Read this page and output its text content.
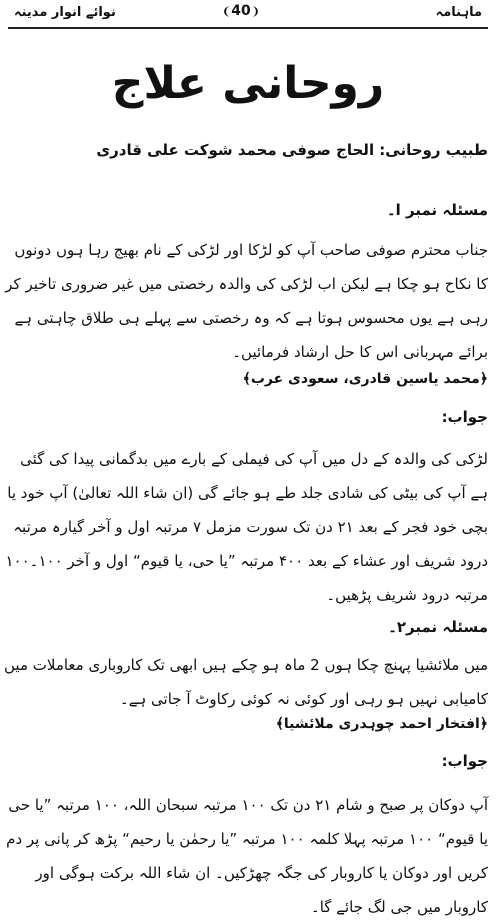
ماہنامہ
❨40❩
نوائے انوار مدینہ
روحانی علاج
طبیب روحانی: الحاج صوفی محمد شوکت علی قادری
مسئلہ نمبر ا۔
جناب محترم صوفی صاحب آپ کو لڑکا اور لڑکی کے نام بھیج رہا ہوں دونوں کا نکاح ہو چکا ہے لیکن اب لڑکی کی والدہ رخصتی میں غیر ضروری تاخیر کر رہی ہے یوں محسوس ہوتا ہے کہ وہ رخصتی سے پہلے ہی طلاق چاہتی ہے برائے مہربانی اس کا حل ارشاد فرمائیں۔
﴿محمد یاسین قادری، سعودی عرب﴾
جواب:
لڑکی کی والدہ کے دل میں آپ کی فیملی کے بارے میں بدگمانی پیدا کی گئی ہے آپ کی بیٹی کی شادی جلد طے ہو جائے گی (ان شاء اللہ تعالیٰ) آپ خود یا بچی خود فجر کے بعد ۲۱ دن تک سورت مزمل ۷ مرتبہ اول و آخر گیارہ مرتبہ درود شریف اور عشاء کے بعد ۴۰۰ مرتبہ ”یا حی، یا قیوم“ اول و آخر ۱۰۰۔۱۰۰ مرتبہ درود شریف پڑھیں۔
مسئلہ نمبر۲۔
میں ملائشیا پہنچ چکا ہوں 2 ماہ ہو چکے ہیں ابھی تک کاروباری معاملات میں کامیابی نہیں ہو رہی اور کوئی نہ کوئی رکاوٹ آ جاتی ہے۔
﴿افتخار احمد چوہدری ملائشیا﴾
جواب:
آپ دوکان پر صبح و شام ۲۱ دن تک ۱۰۰ مرتبہ سبحان اللہ، ۱۰۰ مرتبہ ”یا حی یا قیوم“ ۱۰۰ مرتبہ پہلا کلمہ ۱۰۰ مرتبہ ”یا رحمٰن یا رحیم“ پڑھ کر پانی پر دم کریں اور دوکان یا کاروبار کی جگہ چھڑکیں۔ ان شاء اللہ برکت ہوگی اور کاروبار میں جی لگ جائے گا۔
